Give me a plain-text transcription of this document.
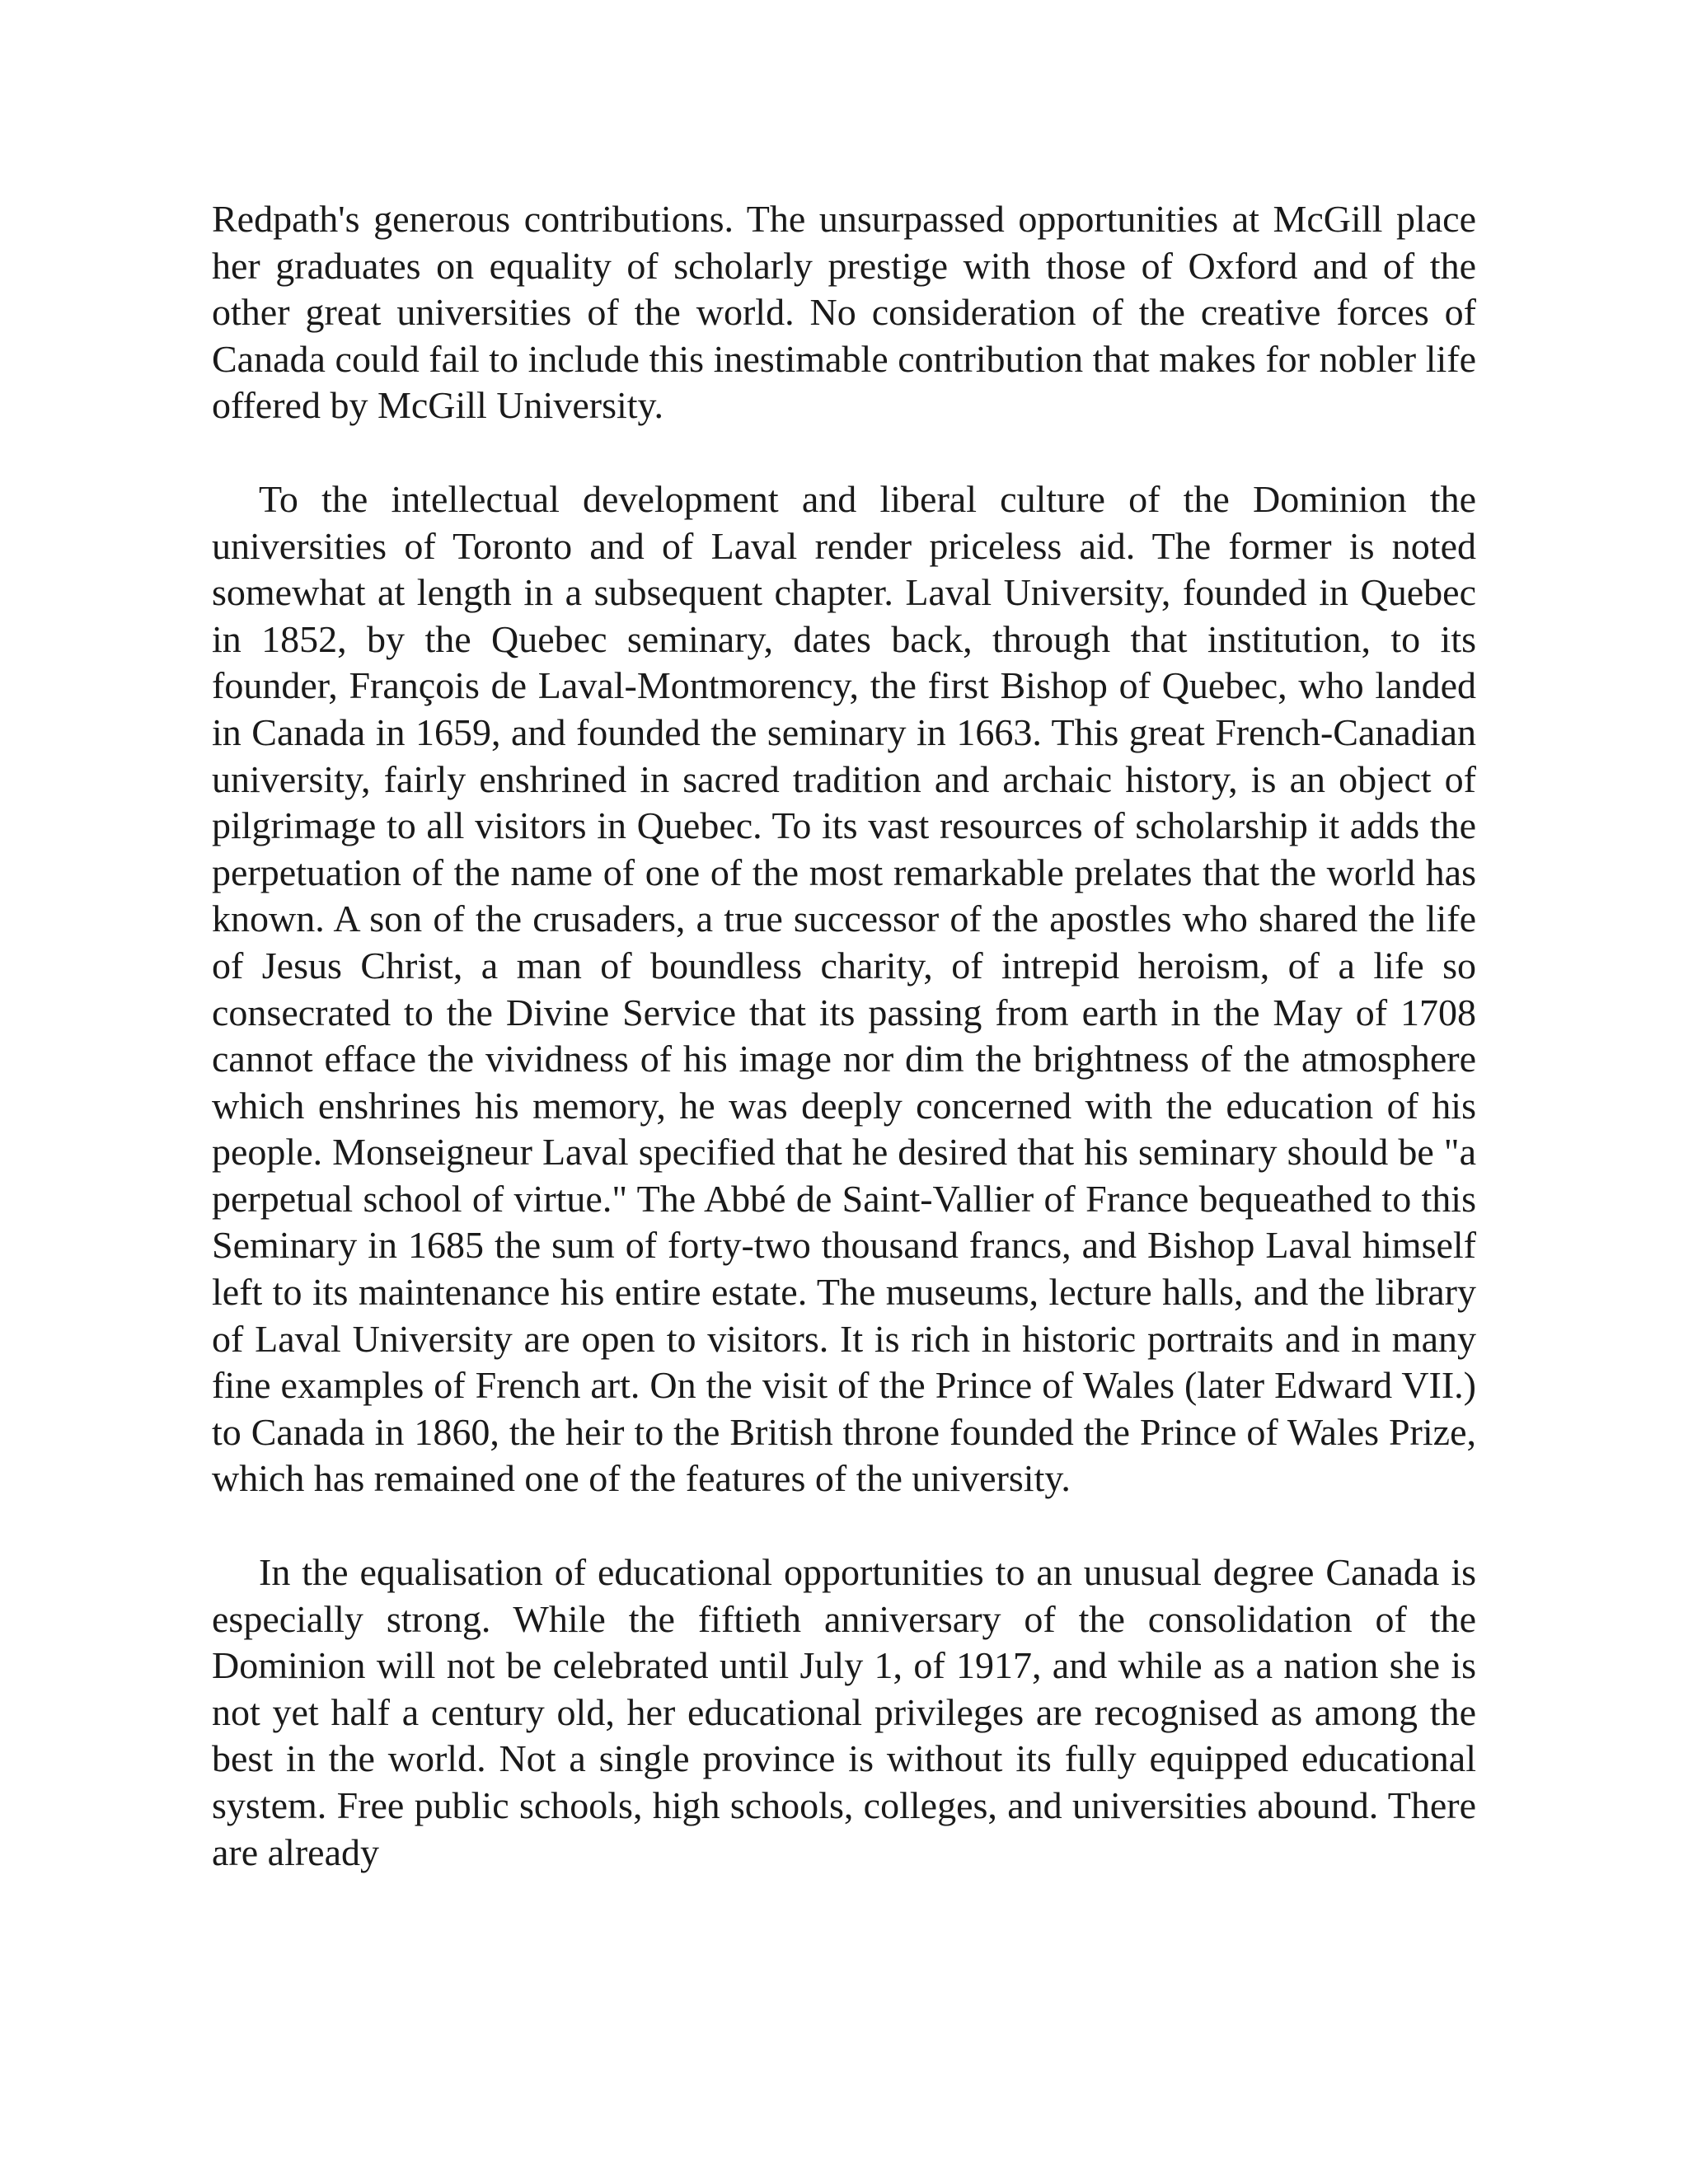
Redpath's generous contributions. The unsurpassed opportunities at McGill place her graduates on equality of scholarly prestige with those of Oxford and of the other great universities of the world. No consideration of the creative forces of Canada could fail to include this inestimable contribution that makes for nobler life offered by McGill University.

To the intellectual development and liberal culture of the Dominion the universities of Toronto and of Laval render priceless aid. The former is noted somewhat at length in a subsequent chapter. Laval University, founded in Quebec in 1852, by the Quebec seminary, dates back, through that institution, to its founder, François de Laval-Montmorency, the first Bishop of Quebec, who landed in Canada in 1659, and founded the seminary in 1663. This great French-Canadian university, fairly enshrined in sacred tradition and archaic history, is an object of pilgrimage to all visitors in Quebec. To its vast resources of scholarship it adds the perpetuation of the name of one of the most remarkable prelates that the world has known. A son of the crusaders, a true successor of the apostles who shared the life of Jesus Christ, a man of boundless charity, of intrepid heroism, of a life so consecrated to the Divine Service that its passing from earth in the May of 1708 cannot efface the vividness of his image nor dim the brightness of the atmosphere which enshrines his memory, he was deeply concerned with the education of his people. Monseigneur Laval specified that he desired that his seminary should be "a perpetual school of virtue." The Abbé de Saint-Vallier of France bequeathed to this Seminary in 1685 the sum of forty-two thousand francs, and Bishop Laval himself left to its maintenance his entire estate. The museums, lecture halls, and the library of Laval University are open to visitors. It is rich in historic portraits and in many fine examples of French art. On the visit of the Prince of Wales (later Edward VII.) to Canada in 1860, the heir to the British throne founded the Prince of Wales Prize, which has remained one of the features of the university.

In the equalisation of educational opportunities to an unusual degree Canada is especially strong. While the fiftieth anniversary of the consolidation of the Dominion will not be celebrated until July 1, of 1917, and while as a nation she is not yet half a century old, her educational privileges are recognised as among the best in the world. Not a single province is without its fully equipped educational system. Free public schools, high schools, colleges, and universities abound. There are already
